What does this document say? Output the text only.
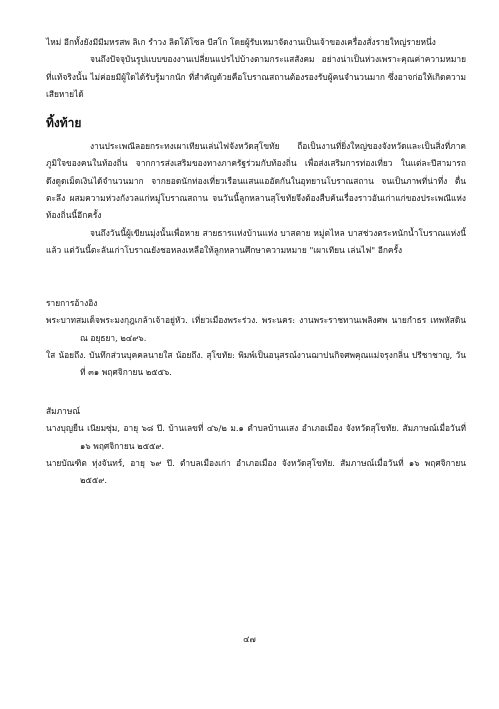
ไหม่ อีกทั้งยังมีมีมหรสพ ลิเก รำวง ลิดโต้โซล บีสโก โดยผู้รับเหมาจัดงานเป็นเจ้าของเครื่องสั่งรายใหญ่รายหนึ่ง

จนถึงปัจจุบันรูปแบบของงานเปลี่ยนแปรไปบ้างตามกระแสสังคม อย่างน่าเป็นห่วงเพราะคุณค่าความหมายที่แท้จริงนั้น ไม่ค่อยมีผู้ใดได้รับรู้มากนัก ที่สำคัญด้วยคือโบราณสถานต้องรองรับผู้คนจำนวนมาก ซึ่งอาจก่อให้เกิดความเสียหายได้

ทิ้งท้าย

งานประเพณีลอยกระทงเผาเทียนเล่นไฟจังหวัดสุโขทัย ถือเป็นงานที่ยิ่งใหญ่ของจังหวัดและเป็นสิ่งที่ภาคภูมิใจของคนในท้องถิ่น จากการส่งเสริมของทางภาครัฐร่วมกับท้องถิ่น เพื่อส่งเสริมการท่องเที่ยว ในแต่ละปีสามารถดึงดูดเม็ดเงินได้จำนวนมาก จากยอดนักท่องเที่ยวเรือนแสนแออัดกันในอุทยานโบราณสถาน จนเป็นภาพที่น่าทึ่ง ตื่นตะลึง ผสมความห่วงกังวลแก่หมู่โบราณสถาน จนวันนี้ลูกหลานสุโขทัยจึงต้องสืบค้นเรื่องราวอันเก่าแก่ของประเพณีแห่งท้องถิ่นนี้อีกครั้ง

จนถึงวันนี้ผู้เขียนมุ่งนั้นเพื่อหาย สายธารแห่งบ้านแห่ง บาสตาย หมู่ตไหล บาสช่วงตระหนักน้ำโบราณแห่งนี้แล้ว แต่วันนี้ตะลันเก่าโบราณยังชอหลงเหลือให้ลูกหลานศึกษาความหมาย "เผาเทียน เล่นไฟ" อีกครั้ง

รายการอ้างอิง

พระบาทสมเด็จพระมงกุฎเกล้าเจ้าอยู่หัว. เที่ยวเมืองพระร่วง. พระนคร: งานพระราชทานเพลิงศพ นายกำธร เทพหัสดิน ณ อยุธยา, ๒๔๙๖.

ใส น้อยถึง. บันทึกส่วนบุคคลนายใส น้อยถึง. สุโขทัย: พิมพ์เป็นอนุสรณ์งานฌาปนกิจศพคุณแม่จรุงกลิ่น ปรีชาชาญ, วันที่ ๓๑ พฤศจิกายน ๒๕๕๖.

สัมภาษณ์

นางบุญยืน เนียมซุ่ม, อายุ ๖๘ ปี. บ้านเลขที่ ๔๖/๒ ม.๑ ตำบลบ้านแสง อำเภอเมือง จังหวัดสุโขทัย. สัมภาษณ์เมื่อวันที่ ๑๖ พฤศจิกายน ๒๕๕๙.

นายบัณฑิต ทุ่งจันทร์, อายุ ๖๙ ปี. ตำบลเมืองเก่า อำเภอเมือง จังหวัดสุโขทัย. สัมภาษณ์เมื่อวันที่ ๑๖ พฤศจิกายน ๒๕๕๙.

๔๗
